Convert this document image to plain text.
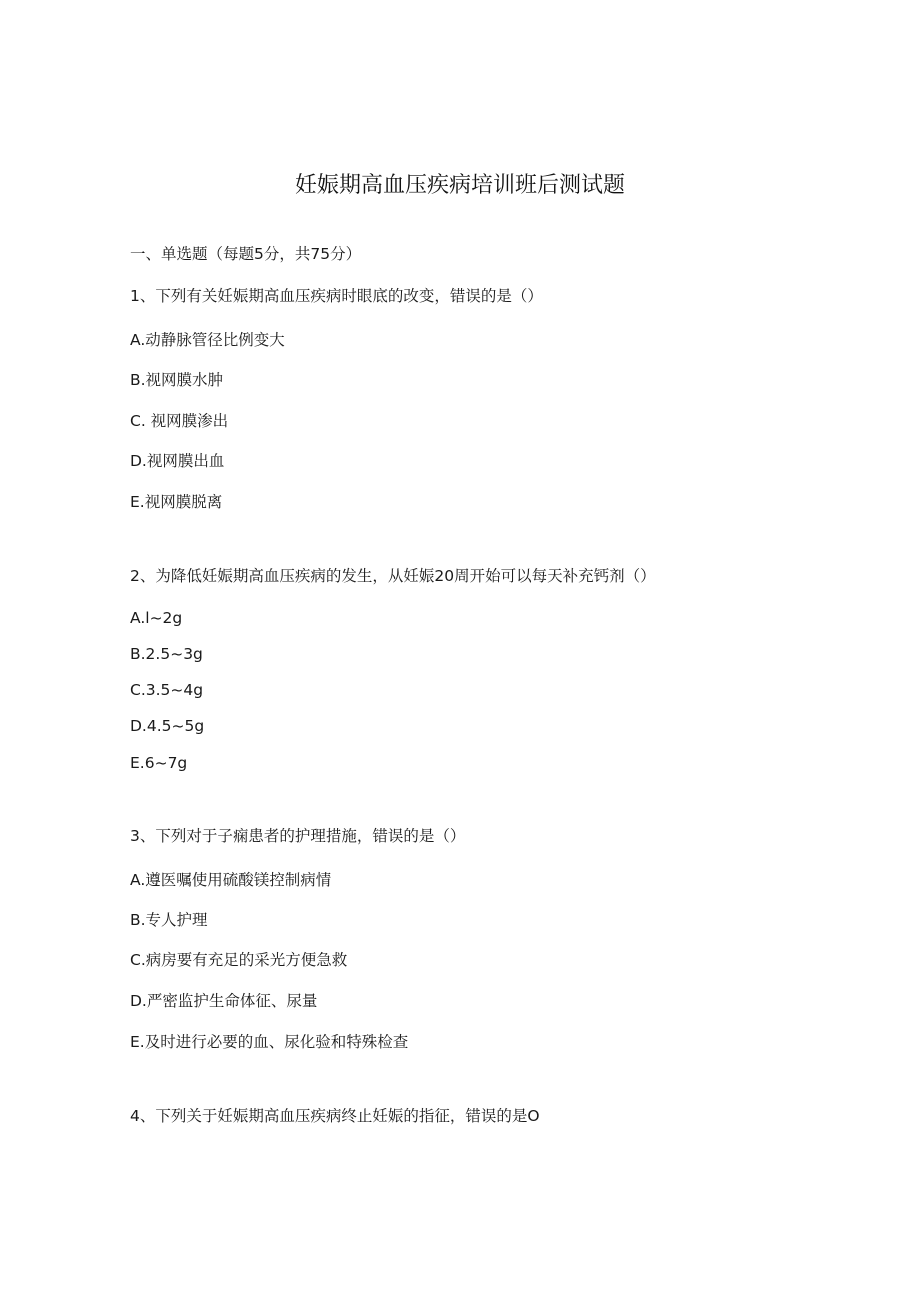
妊娠期高血压疾病培训班后测试题
一、单选题（每题5分，共75分）
1、下列有关妊娠期高血压疾病时眼底的改变，错误的是（）
A.动静脉管径比例变大
B.视网膜水肿
C. 视网膜渗出
D.视网膜出血
E.视网膜脱离
2、为降低妊娠期高血压疾病的发生，从妊娠20周开始可以每天补充钙剂（）
A.l~2g
B.2.5~3g
C.3.5~4g
D.4.5~5g
E.6~7g
3、下列对于子痫患者的护理措施，错误的是（）
A.遵医嘱使用硫酸镁控制病情
B.专人护理
C.病房要有充足的采光方便急救
D.严密监护生命体征、尿量
E.及时进行必要的血、尿化验和特殊检查
4、下列关于妊娠期高血压疾病终止妊娠的指征，错误的是O
